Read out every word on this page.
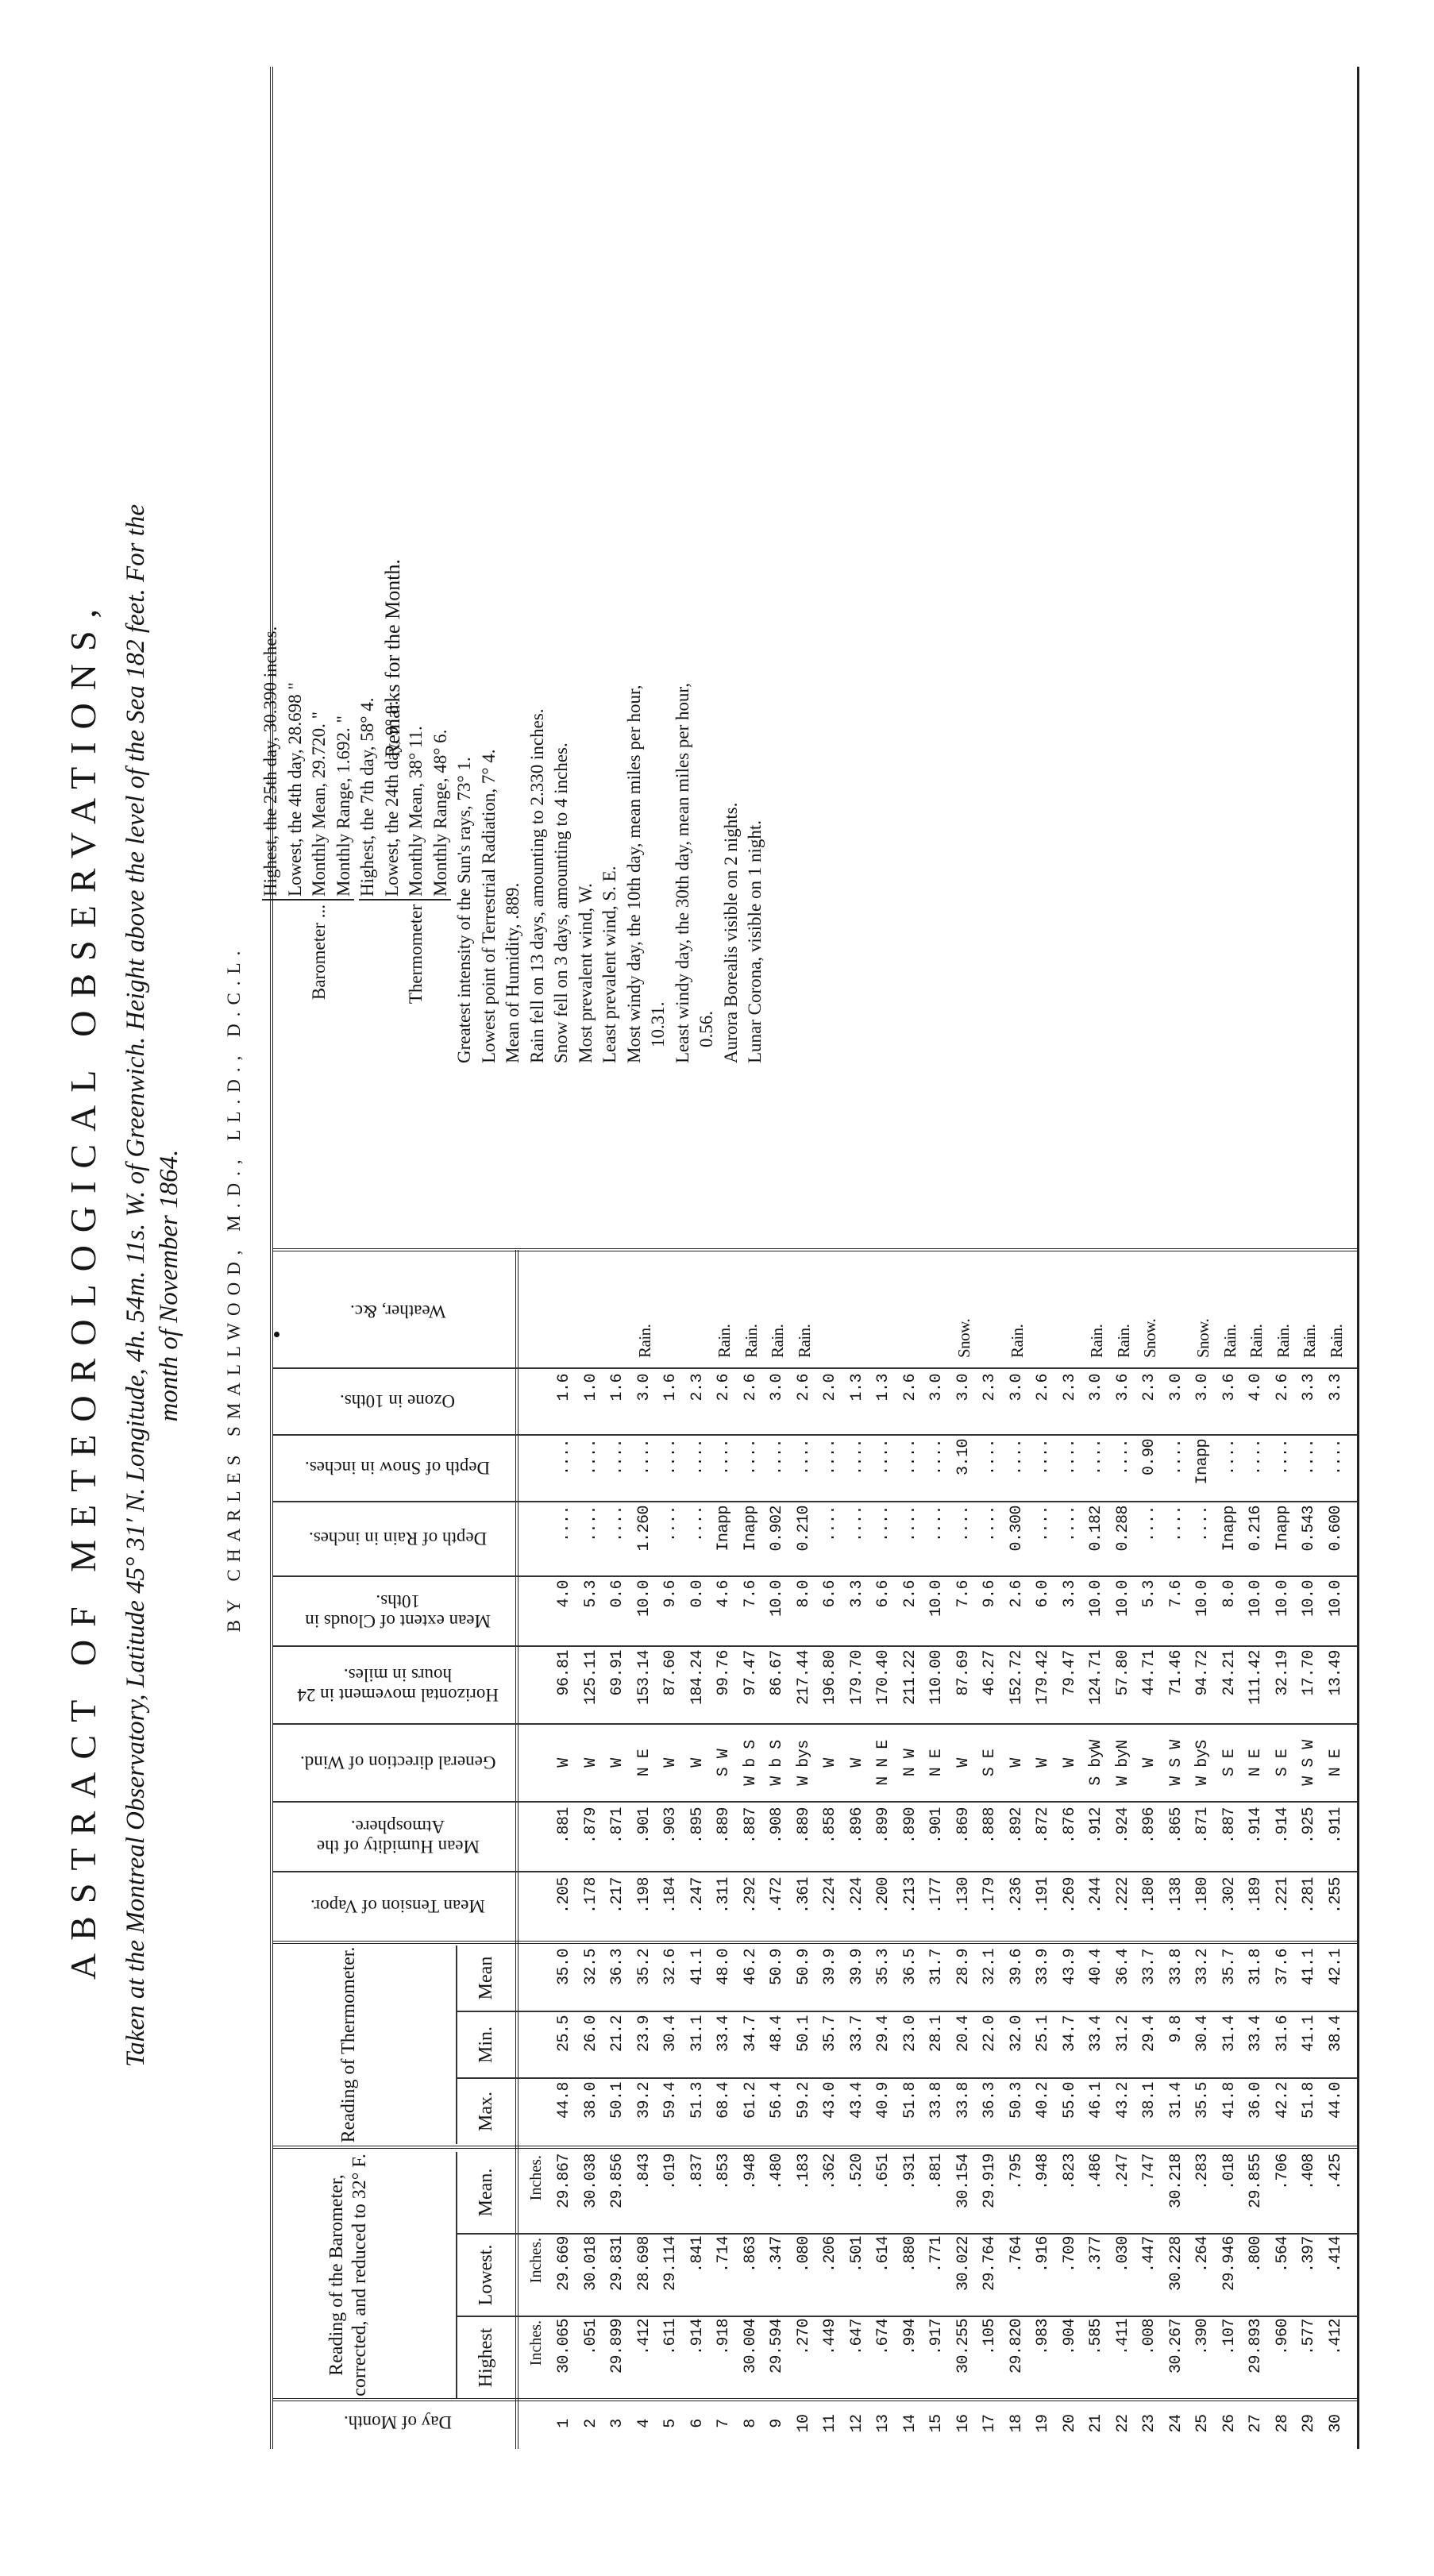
ABSTRACT OF METEOROLOGICAL OBSERVATIONS, Taken at the Montreal Observatory, Latitude 45° 31′ N. Longitude, 4h. 54m. 11s. W. of Greenwich. Height above the level of the Sea 182 feet. For the month of November 1864. BY CHARLES SMALLWOOD, M.D., LL.D., D.C.L.
Day of Month.
Reading of the Barometer, corrected, and reduced to 32° F.	Highest
Lowest.
Mean.
Reading of Thermometer.	Max.
Min.
Mean
Mean Tension of Vapor.
Mean Humidity of the Atmosphere.
General direction of Wind.
Horizontal movement in 24 hours in miles.
Mean extent of Clouds in 10ths.
Depth of Rain in inches.
Depth of Snow in inches.
Ozone in 10ths.
Weather, &c.
Remarks for the Month.
Inches.
Inches.
Inches.
1
30.065
29.669
29.867
44.8
25.5
35.0
.205
.881
W
96.81
4.0
....
....
1.6
2
.051
30.018
30.038
38.0
26.0
32.5
.178
.879
W
125.11
5.3
....
....
1.0
3
29.899
29.831
29.856
50.1
21.2
36.3
.217
.871
W
69.91
0.6
....
....
1.6
4
.412
28.698
.843
39.2
23.9
35.2
.198
.901
N E
153.14
10.0
1.260
....
3.0
Rain.
5
.611
29.114
.019
59.4
30.4
32.6
.184
.903
W
87.60
9.6
....
....
1.6
6
.914
.841
.837
51.3
31.1
41.1
.247
.895
W
184.24
0.0
....
....
2.3
7
.918
.714
.853
68.4
33.4
48.0
.311
.889
S W
99.76
4.6
Inapp
....
2.6
Rain.
8
30.004
.863
.948
61.2
34.7
46.2
.292
.887
W b S
97.47
7.6
Inapp
....
2.6
Rain.
9
29.594
.347
.480
56.4
48.4
50.9
.472
.908
W b S
86.67
10.0
0.902
....
3.0
Rain.
10
.270
.080
.183
59.2
50.1
50.9
.361
.889
W bys
217.44
8.0
0.210
....
2.6
Rain.
11
.449
.206
.362
43.0
35.7
39.9
.224
.858
W
196.80
6.6
....
....
2.0
12
.647
.501
.520
43.4
33.7
39.9
.224
.896
W
179.70
3.3
....
....
1.3
13
.674
.614
.651
40.9
29.4
35.3
.200
.899
N N E
170.40
6.6
....
....
1.3
14
.994
.880
.931
51.8
23.0
36.5
.213
.890
N W
211.22
2.6
....
....
2.6
15
.917
.771
.881
33.8
28.1
31.7
.177
.901
N E
110.00
10.0
....
....
3.0
16
30.255
30.022
30.154
33.8
20.4
28.9
.130
.869
W
87.69
7.6
....
3.10
3.0
Snow.
17
.105
29.764
29.919
36.3
22.0
32.1
.179
.888
S E
46.27
9.6
....
....
2.3
18
29.820
.764
.795
50.3
32.0
39.6
.236
.892
W
152.72
2.6
0.300
....
3.0
Rain.
19
.983
.916
.948
40.2
25.1
33.9
.191
.872
W
179.42
6.0
....
....
2.6
20
.904
.709
.823
55.0
34.7
43.9
.269
.876
W
79.47
3.3
....
....
2.3
21
.585
.377
.486
46.1
33.4
40.4
.244
.912
S byW
124.71
10.0
0.182
....
3.0
Rain.
22
.411
.030
.247
43.2
31.2
36.4
.222
.924
W byN
57.80
10.0
0.288
....
3.6
Rain.
23
.008
.447
.747
38.1
29.4
33.7
.180
.896
W
44.71
5.3
....
0.90
2.3
Snow.
24
30.267
30.228
30.218
31.4
9.8
33.8
.138
.865
W S W
71.46
7.6
....
....
3.0
25
.390
.264
.283
35.5
30.4
33.2
.180
.871
W byS
94.72
10.0
....
Inapp
3.0
Snow.
26
.107
29.946
.018
41.8
31.4
35.7
.302
.887
S E
24.21
8.0
Inapp
....
3.6
Rain.
27
29.893
.800
29.855
36.0
33.4
31.8
.189
.914
N E
111.42
10.0
0.216
....
4.0
Rain.
28
.960
.564
.706
42.2
31.6
37.6
.221
.914
S E
32.19
10.0
Inapp
....
2.6
Rain.
29
.577
.397
.408
51.8
41.1
41.1
.281
.925
W S W
17.70
10.0
0.543
....
3.3
Rain.
30
.412
.414
.425
44.0
38.4
42.1
.255
.911
N E
13.49
10.0
0.600
....
3.3
Rain.
Highest, the 25th day, 30.390 inches. Lowest, the 4th day, 28.698 "
Barometer ...
Monthly Mean, 29.720. "
Monthly Range, 1.692. " Highest, the 7th day, 58° 4. Lowest, the 24th day, 9° 8.
Thermometer
Monthly Mean, 38° 11. Monthly Range, 48° 6. Greatest intensity of the Sun's rays, 73° 1. Lowest point of Terrestrial Radiation, 7° 4. Mean of Humidity, .889. Rain fell on 13 days, amounting to 2.330 inches. Snow fell on 3 days, amounting to 4 inches. Most prevalent wind, W. Least prevalent wind, S. E. Most windy day, the 10th day, mean miles per hour, 10.31. Least windy day, the 30th day, mean miles per hour, 0.56. Aurora Borealis visible on 2 nights. Lunar Corona, visible on 1 night.
